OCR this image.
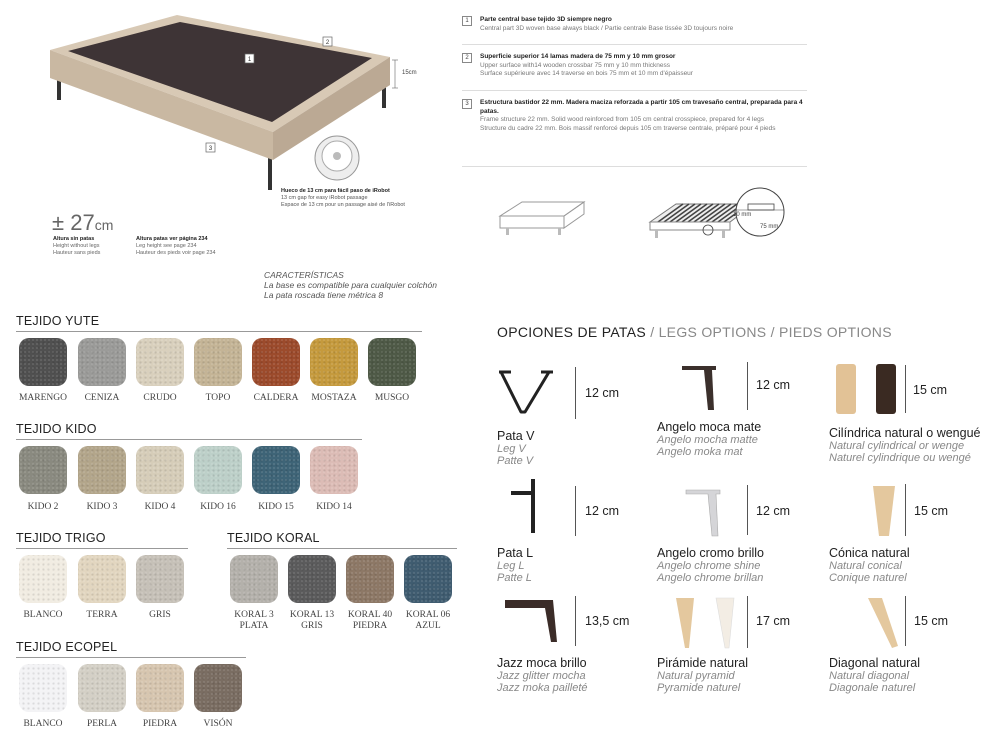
1
2
3
15cm
Hueco de 13 cm para fácil paso de iRobot
13 cm gap for easy iRobot passage
Espace de 13 cm pour un passage aisé de l'iRobot
± 27cm
Altura sin patas
Height without legs
Hauteur sans pieds
Altura patas ver página 234
Leg height see page 234
Hauteur des pieds voir page 234
CARACTERÍSTICAS
La base es compatible para cualquier colchón
La pata roscada tiene métrica 8
1	Parte central base tejido 3D siempre negro
Central part 3D woven base always black / Partie centrale Base tissée 3D toujours noire
2	Superficie superior 14 lamas madera de 75 mm y 10 mm grosor
Upper surface with14 wooden crossbar 75 mm y 10 mm thickness
Surface supérieure avec 14 traverse en bois 75 mm et 10 mm d'épaisseur
3	Estructura bastidor 22 mm. Madera maciza reforzada a partir 105 cm travesaño central, preparada para 4 patas.
Frame structure 22 mm. Solid wood reinforced from 105 cm central crosspiece, prepared for 4 legs
Structure du cadre 22 mm. Bois massif renforcé depuis 105 cm traverse centrale, préparé pour 4 pieds
10 mm
75 mm
TEJIDO YUTE
MARENGO	CENIZA	CRUDO	TOPO	CALDERA	MOSTAZA	MUSGO
TEJIDO KIDO
KIDO 2	KIDO 3	KIDO 4	KIDO 16	KIDO 15	KIDO 14
TEJIDO TRIGO
BLANCO	TERRA	GRIS
TEJIDO KORAL
KORAL 3
PLATA
KORAL 13
GRIS
KORAL 40
PIEDRA
KORAL 06
AZUL
TEJIDO ECOPEL
BLANCO	PERLA	PIEDRA	VISÓN
OPCIONES DE PATAS / LEGS OPTIONS / PIEDS OPTIONS
12 cm
Pata V
Leg V
Patte V
12 cm
Angelo moca mate
Angelo mocha matte
Angelo moka mat
15 cm
Cilíndrica natural o wengué
Natural cylindrical or wenge
Naturel cylindrique ou wengé
12 cm
Pata L
Leg L
Patte L
12 cm
Angelo cromo brillo
Angelo chrome shine
Angelo chrome brillan
15 cm
Cónica natural
Natural conical
Conique naturel
13,5 cm
Jazz moca brillo
Jazz glitter mocha
Jazz moka pailleté
17 cm
Pirámide natural
Natural pyramid
Pyramide naturel
15 cm
Diagonal natural
Natural diagonal
Diagonale naturel
